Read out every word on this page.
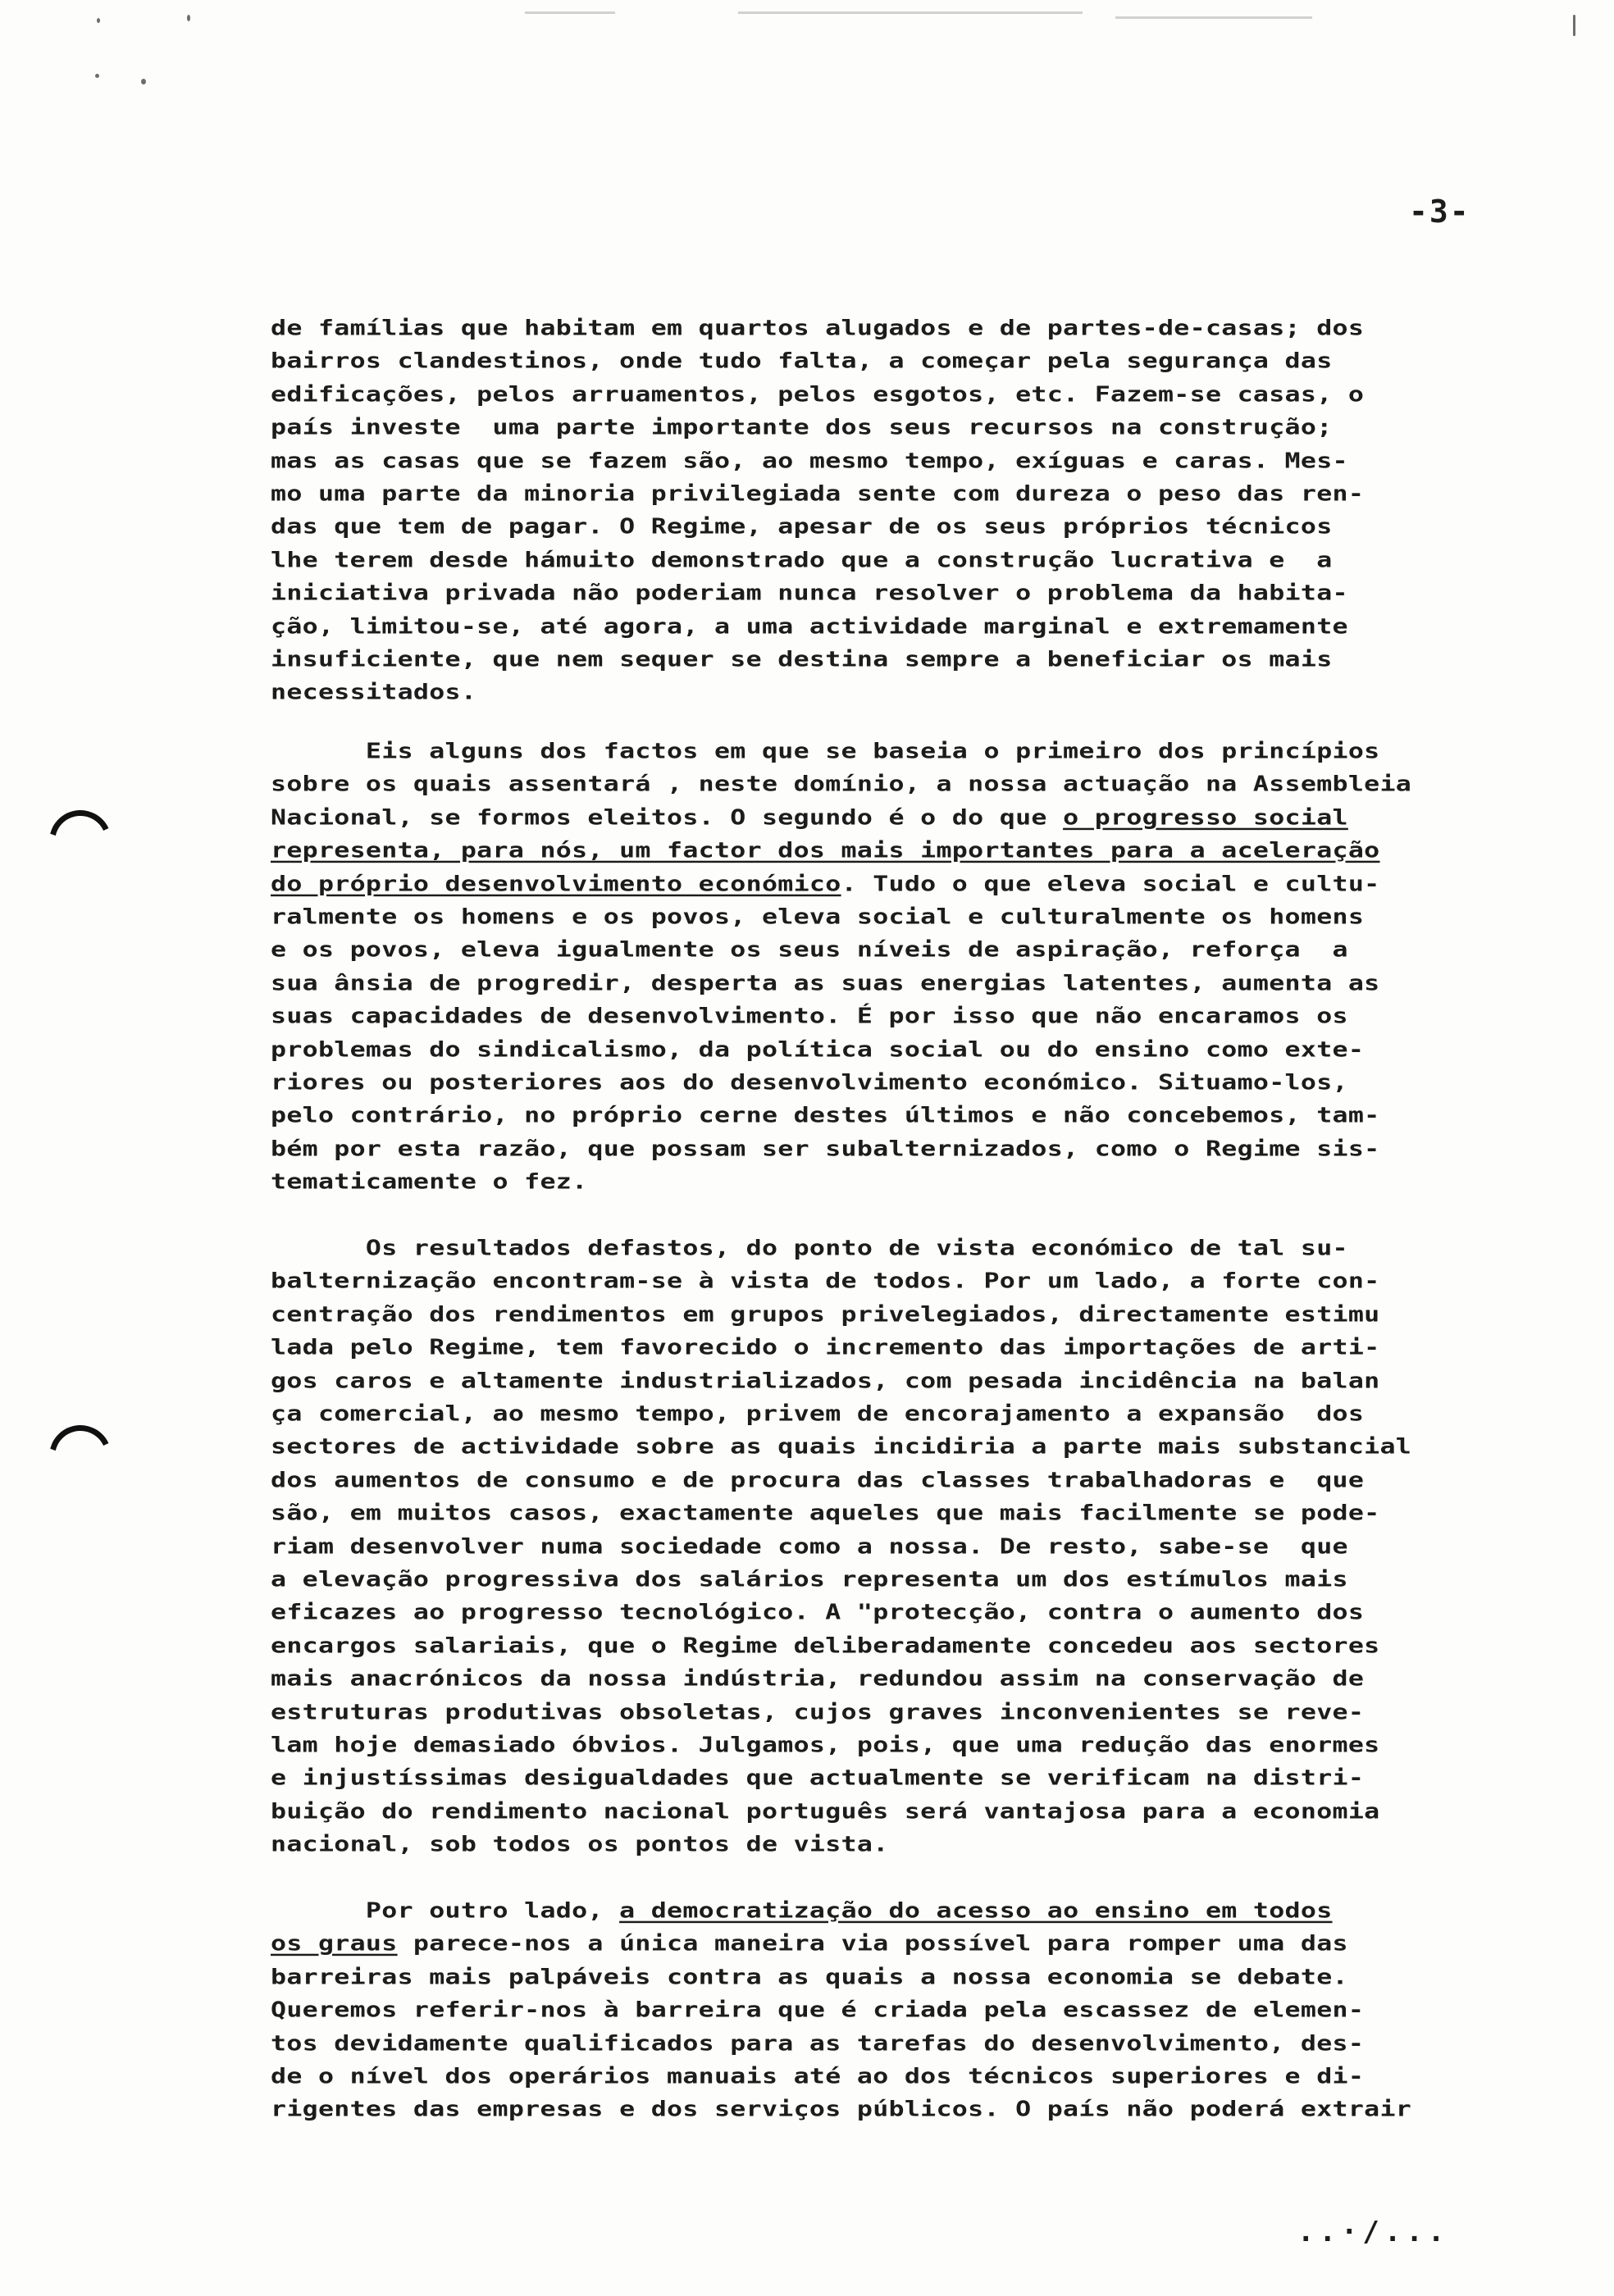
-3-
de famílias que habitam em quartos alugados e de partes-de-casas; dos
bairros clandestinos, onde tudo falta, a começar pela segurança das
edificações, pelos arruamentos, pelos esgotos, etc. Fazem-se casas, o
país investe  uma parte importante dos seus recursos na construção;
mas as casas que se fazem são, ao mesmo tempo, exíguas e caras. Mes-
mo uma parte da minoria privilegiada sente com dureza o peso das ren-
das que tem de pagar. O Regime, apesar de os seus próprios técnicos
lhe terem desde hámuito demonstrado que a construção lucrativa e  a
iniciativa privada não poderiam nunca resolver o problema da habita-
ção, limitou-se, até agora, a uma actividade marginal e extremamente
insuficiente, que nem sequer se destina sempre a beneficiar os mais
necessitados.
Eis alguns dos factos em que se baseia o primeiro dos princípios
sobre os quais assentará , neste domínio, a nossa actuação na Assembleia
Nacional, se formos eleitos. O segundo é o do que o progresso social
representa, para nós, um factor dos mais importantes para a aceleração
do próprio desenvolvimento económico. Tudo o que eleva social e cultu-
ralmente os homens e os povos, eleva social e culturalmente os homens
e os povos, eleva igualmente os seus níveis de aspiração, reforça  a
sua ânsia de progredir, desperta as suas energias latentes, aumenta as
suas capacidades de desenvolvimento. É por isso que não encaramos os
problemas do sindicalismo, da política social ou do ensino como exte-
riores ou posteriores aos do desenvolvimento económico. Situamo-los,
pelo contrário, no próprio cerne destes últimos e não concebemos, tam-
bém por esta razão, que possam ser subalternizados, como o Regime sis-
tematicamente o fez.
Os resultados defastos, do ponto de vista económico de tal su-
balternização encontram-se à vista de todos. Por um lado, a forte con-
centração dos rendimentos em grupos privelegiados, directamente estimu
lada pelo Regime, tem favorecido o incremento das importações de arti-
gos caros e altamente industrializados, com pesada incidência na balan
ça comercial, ao mesmo tempo, privem de encorajamento a expansão  dos
sectores de actividade sobre as quais incidiria a parte mais substancial
dos aumentos de consumo e de procura das classes trabalhadoras e  que
são, em muitos casos, exactamente aqueles que mais facilmente se pode-
riam desenvolver numa sociedade como a nossa. De resto, sabe-se  que
a elevação progressiva dos salários representa um dos estímulos mais
eficazes ao progresso tecnológico. A "protecção, contra o aumento dos
encargos salariais, que o Regime deliberadamente concedeu aos sectores
mais anacrónicos da nossa indústria, redundou assim na conservação de
estruturas produtivas obsoletas, cujos graves inconvenientes se reve-
lam hoje demasiado óbvios. Julgamos, pois, que uma redução das enormes
e injustíssimas desigualdades que actualmente se verificam na distri-
buição do rendimento nacional português será vantajosa para a economia
nacional, sob todos os pontos de vista.
Por outro lado, a democratização do acesso ao ensino em todos
os graus parece-nos a única maneira via possível para romper uma das
barreiras mais palpáveis contra as quais a nossa economia se debate.
Queremos referir-nos à barreira que é criada pela escassez de elemen-
tos devidamente qualificados para as tarefas do desenvolvimento, des-
de o nível dos operários manuais até ao dos técnicos superiores e di-
rigentes das empresas e dos serviços públicos. O país não poderá extrair
..·/...
